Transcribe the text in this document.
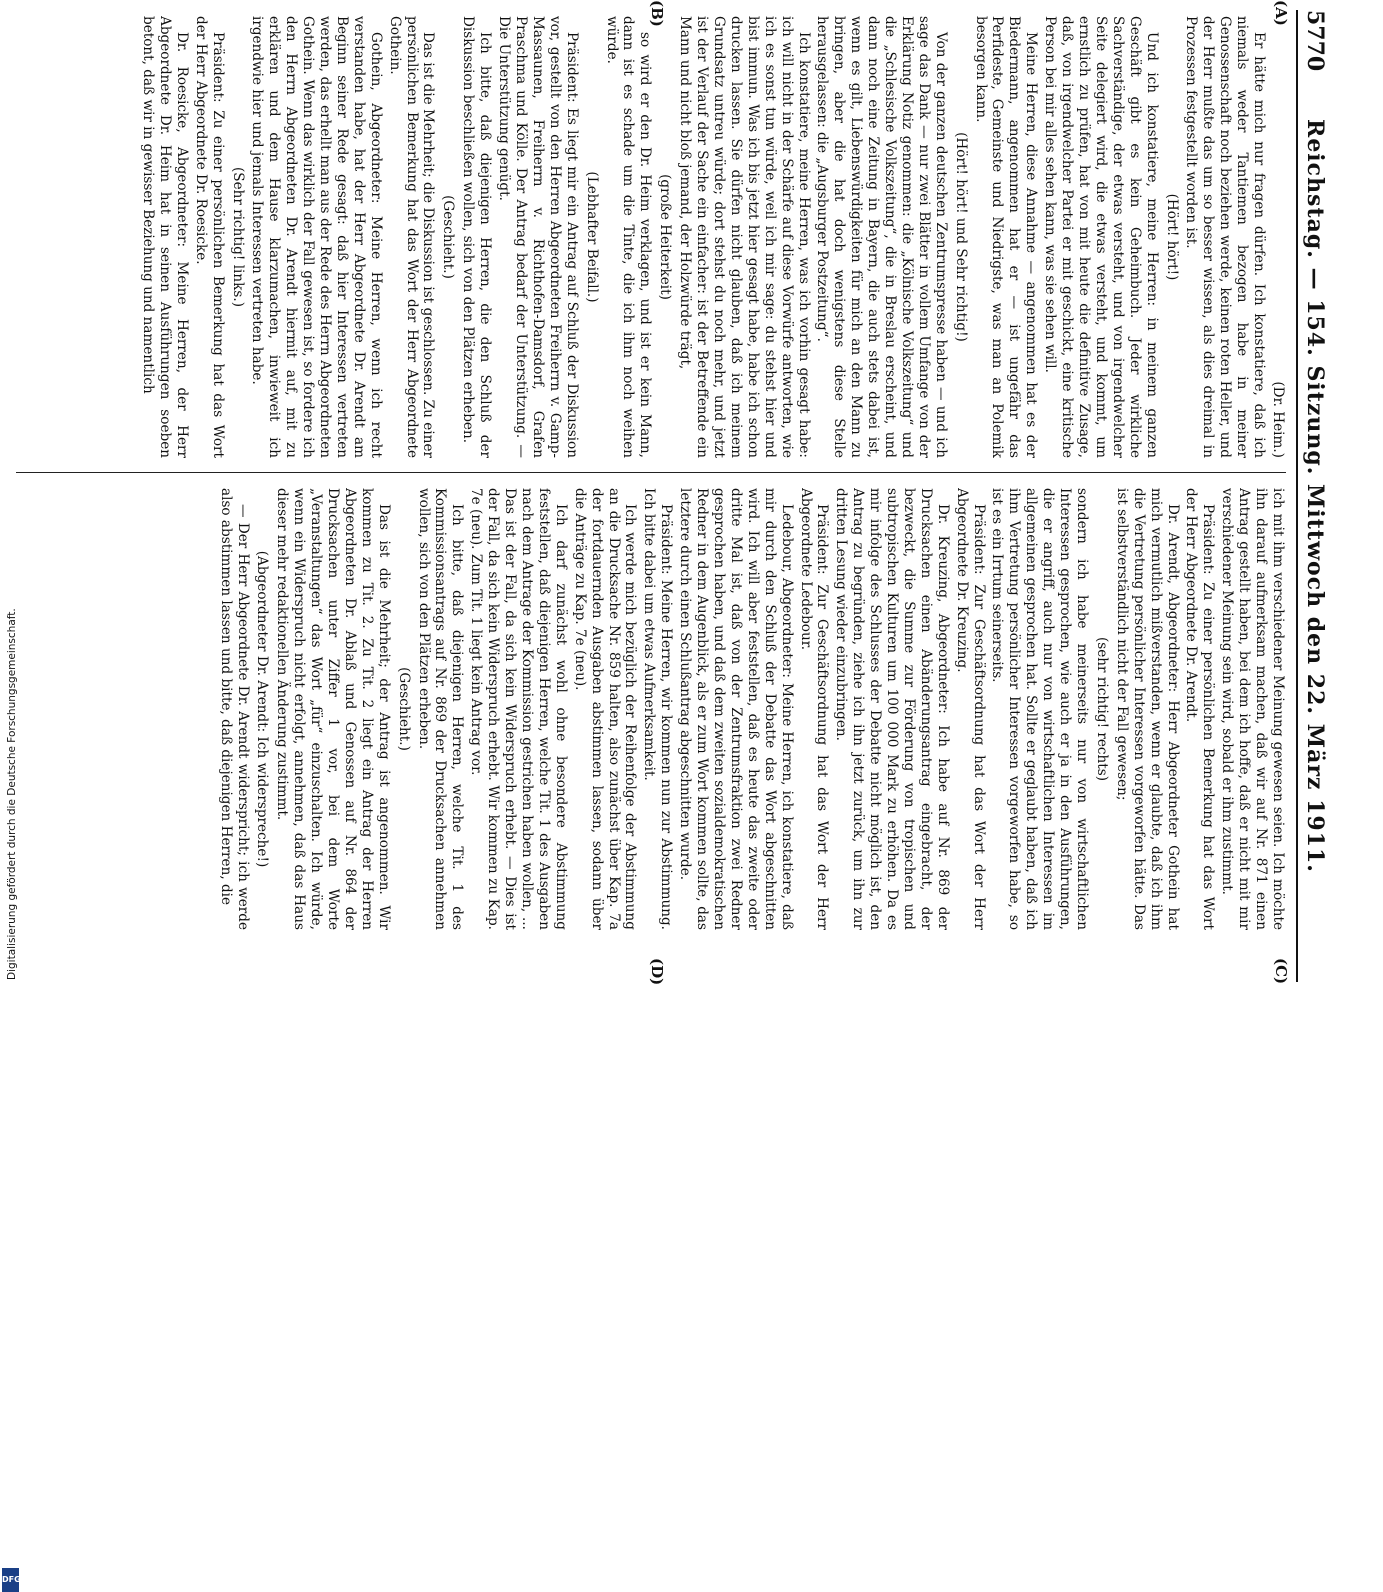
5770
Reichstag. — 154. Sitzung. Mittwoch den 22. März 1911.
(A)
(B)
(C)
(D)

(Dr. Heim.)

Er hätte mich nur fragen dürfen. Ich konstatiere, daß ich niemals weder Tantiemen bezogen habe in meiner Genossenschaft noch beziehen werde, keinen roten Heller, und der Herr mußte das um so besser wissen, als dies dreimal in Prozessen festgestellt worden ist.

(Hört! hört!)

Und ich konstatiere, meine Herren: in meinem ganzen Geschäft gibt es kein Geheimbuch. Jeder wirkliche Sachverständige, der etwas versteht, und von irgendwelcher Seite delegiert wird, die etwas versteht, und kommt, um ernstlich zu prüfen, hat von mit heute die definitive Zusage, daß, von irgendwelcher Partei er mit geschickt, eine kritische Person bei mir alles sehen kann, was sie sehen will.

Meine Herren, diese Annahme — angenommen hat es der Biedermann, angenommen hat er — ist ungefähr das Perfideste, Gemeinste und Niedrigste, was man an Polemik besorgen kann.

(Hört! hört! und Sehr richtig!)

Von der ganzen deutschen Zentrumspresse haben — und ich sage das Dank — nur zwei Blätter in vollem Umfange von der Erklärung Notiz genommen: die „Kölnische Volkszeitung“ und die „Schlesische Volkszeitung“, die in Breslau erscheint, und dann noch eine Zeitung in Bayern, die auch stets dabei ist, wenn es gilt, Liebenswürdigkeiten für mich an den Mann zu bringen, aber die hat doch wenigstens diese Stelle herausgelassen: die „Augsburger Postzeitung“.

Ich konstatiere, meine Herren, was ich vorhin gesagt habe: ich will nicht in der Schärfe auf diese Vorwürfe antworten, wie ich es sonst tun würde, weil ich mir sage: du stehst hier und bist immun. Was ich bis jetzt hier gesagt habe, habe ich schon drucken lassen. Sie dürfen nicht glauben, daß ich meinem Grundsatz untreu würde; dort stehst du noch mehr, und jetzt ist der Verlauf der Sache ein einfacher: ist der Betreffende ein Mann und nicht bloß jemand, der Holzwürde trägt,

(große Heiterkeit)

so wird er den Dr. Heim verklagen, und ist er kein Mann, dann ist es schade um die Tinte, die ich ihm noch weihen würde.

(Lebhafter Beifall.)

Präsident: Es liegt mir ein Antrag auf Schluß der Diskussion vor, gestellt von den Herren Abgeordneten Freiherrn v. Gamp-Massaunen, Freiherrn v. Richthofen-Damsdorf, Grafen Praschma und Kölle. Der Antrag bedarf der Unterstützung. — Die Unterstützung genügt.

Ich bitte, daß diejenigen Herren, die den Schluß der Diskussion beschließen wollen, sich von den Plätzen erheben.

(Geschieht.)

Das ist die Mehrheit; die Diskussion ist geschlossen. Zu einer persönlichen Bemerkung hat das Wort der Herr Abgeordnete Gothein.

Gothein, Abgeordneter: Meine Herren, wenn ich recht verstanden habe, hat der Herr Abgeordnete Dr. Arendt am Beginn seiner Rede gesagt: daß hier Interessen vertreten werden, das erhellt man aus der Rede des Herrn Abgeordneten Gothein. Wenn das wirklich der Fall gewesen ist, so fordere ich den Herrn Abgeordneten Dr. Arendt hiermit auf, mit zu erklären und dem Hause klarzumachen, inwieweit ich irgendwie hier und jemals Interessen vertreten habe.

(Sehr richtig! links.)

Präsident: Zu einer persönlichen Bemerkung hat das Wort der Herr Abgeordnete Dr. Roesicke.

Dr. Roesicke, Abgeordneter: Meine Herren, der Herr Abgeordnete Dr. Heim hat in seinen Ausführungen soeben betont, daß wir in gewisser Beziehung und namentlich

ich mit ihm verschiedener Meinung gewesen seien. Ich möchte ihn darauf aufmerksam machen, daß wir auf Nr. 871 einen Antrag gestellt haben, bei dem ich hoffe, daß er nicht mit mir verschiedener Meinung sein wird, sobald er ihm zustimmt.

Präsident: Zu einer persönlichen Bemerkung hat das Wort der Herr Abgeordnete Dr. Arendt.

Dr. Arendt, Abgeordneter: Herr Abgeordneter Gothein hat mich vermutlich mißverstanden, wenn er glaubte, daß ich ihm die Vertretung persönlicher Interessen vorgeworfen hätte. Das ist selbstverständlich nicht der Fall gewesen;

(sehr richtig! rechts)

sondern ich habe meinerseits nur von wirtschaftlichen Interessen gesprochen, wie auch er ja in den Ausführungen, die er angriff, auch nur von wirtschaftlichen Interessen im allgemeinen gesprochen hat. Sollte er geglaubt haben, daß ich ihm Vertretung persönlicher Interessen vorgeworfen habe, so ist es ein Irrtum seinerseits.

Präsident: Zur Geschäftsordnung hat das Wort der Herr Abgeordnete Dr. Kreuzing.

Dr. Kreuzing, Abgeordneter: Ich habe auf Nr. 869 der Drucksachen einen Abänderungsantrag eingebracht, der bezweckt, die Summe zur Förderung von tropischen und subtropischen Kulturen um 100 000 Mark zu erhöhen. Da es mir infolge des Schlusses der Debatte nicht möglich ist, den Antrag zu begründen, ziehe ich ihn jetzt zurück, um ihn zur dritten Lesung wieder einzubringen.

Präsident: Zur Geschäftsordnung hat das Wort der Herr Abgeordnete Ledebour.

Ledebour, Abgeordneter: Meine Herren, ich konstatiere, daß mir durch den Schluß der Debatte das Wort abgeschnitten wird. Ich will aber feststellen, daß es heute das zweite oder dritte Mal ist, daß von der Zentrumsfraktion zwei Redner gesprochen haben, und daß dem zweiten sozialdemokratischen Redner in dem Augenblick, als er zum Wort kommen sollte, das letztere durch einen Schlußantrag abgeschnitten wurde.

Präsident: Meine Herren, wir kommen nun zur Abstimmung. Ich bitte dabei um etwas Aufmerksamkeit.

Ich werde mich bezüglich der Reihenfolge der Abstimmung an die Drucksache Nr. 859 halten, also zunächst über Kap. 7a der fortdauernden Ausgaben abstimmen lassen, sodann über die Anträge zu Kap. 7e (neu).

Ich darf zunächst wohl ohne besondere Abstimmung feststellen, daß diejenigen Herren, welche Tit. 1 des Ausgaben nach dem Antrage der Kommission gestrichen haben wollen, ... Das ist der Fall, da sich kein Widerspruch erhebt. — Dies ist der Fall, da sich kein Widerspruch erhebt. Wir kommen zu Kap. 7e (neu). Zum Tit. 1 liegt kein Antrag vor.

Ich bitte, daß diejenigen Herren, welche Tit. 1 des Kommissionsantrags auf Nr. 869 der Drucksachen annehmen wollen, sich von den Plätzen erheben.

(Geschieht.)

Das ist die Mehrheit; der Antrag ist angenommen. Wir kommen zu Tit. 2. Zu Tit. 2 liegt ein Antrag der Herren Abgeordneten Dr. Ablaß und Genossen auf Nr. 864 der Drucksachen unter Ziffer 1 vor, bei dem Worte „Veranstaltungen“ das Wort „für“ einzuschalten. Ich würde, wenn ein Widerspruch nicht erfolgt, annehmen, daß das Haus dieser mehr redaktionellen Änderung zustimmt.

(Abgeordneter Dr. Arendt: Ich widerspreche!)

— Der Herr Abgeordnete Dr. Arendt widerspricht; ich werde also abstimmen lassen und bitte, daß diejenigen Herren, die

Digitalisierung gefördert durch die Deutsche Forschungsgemeinschaft.
DFG
